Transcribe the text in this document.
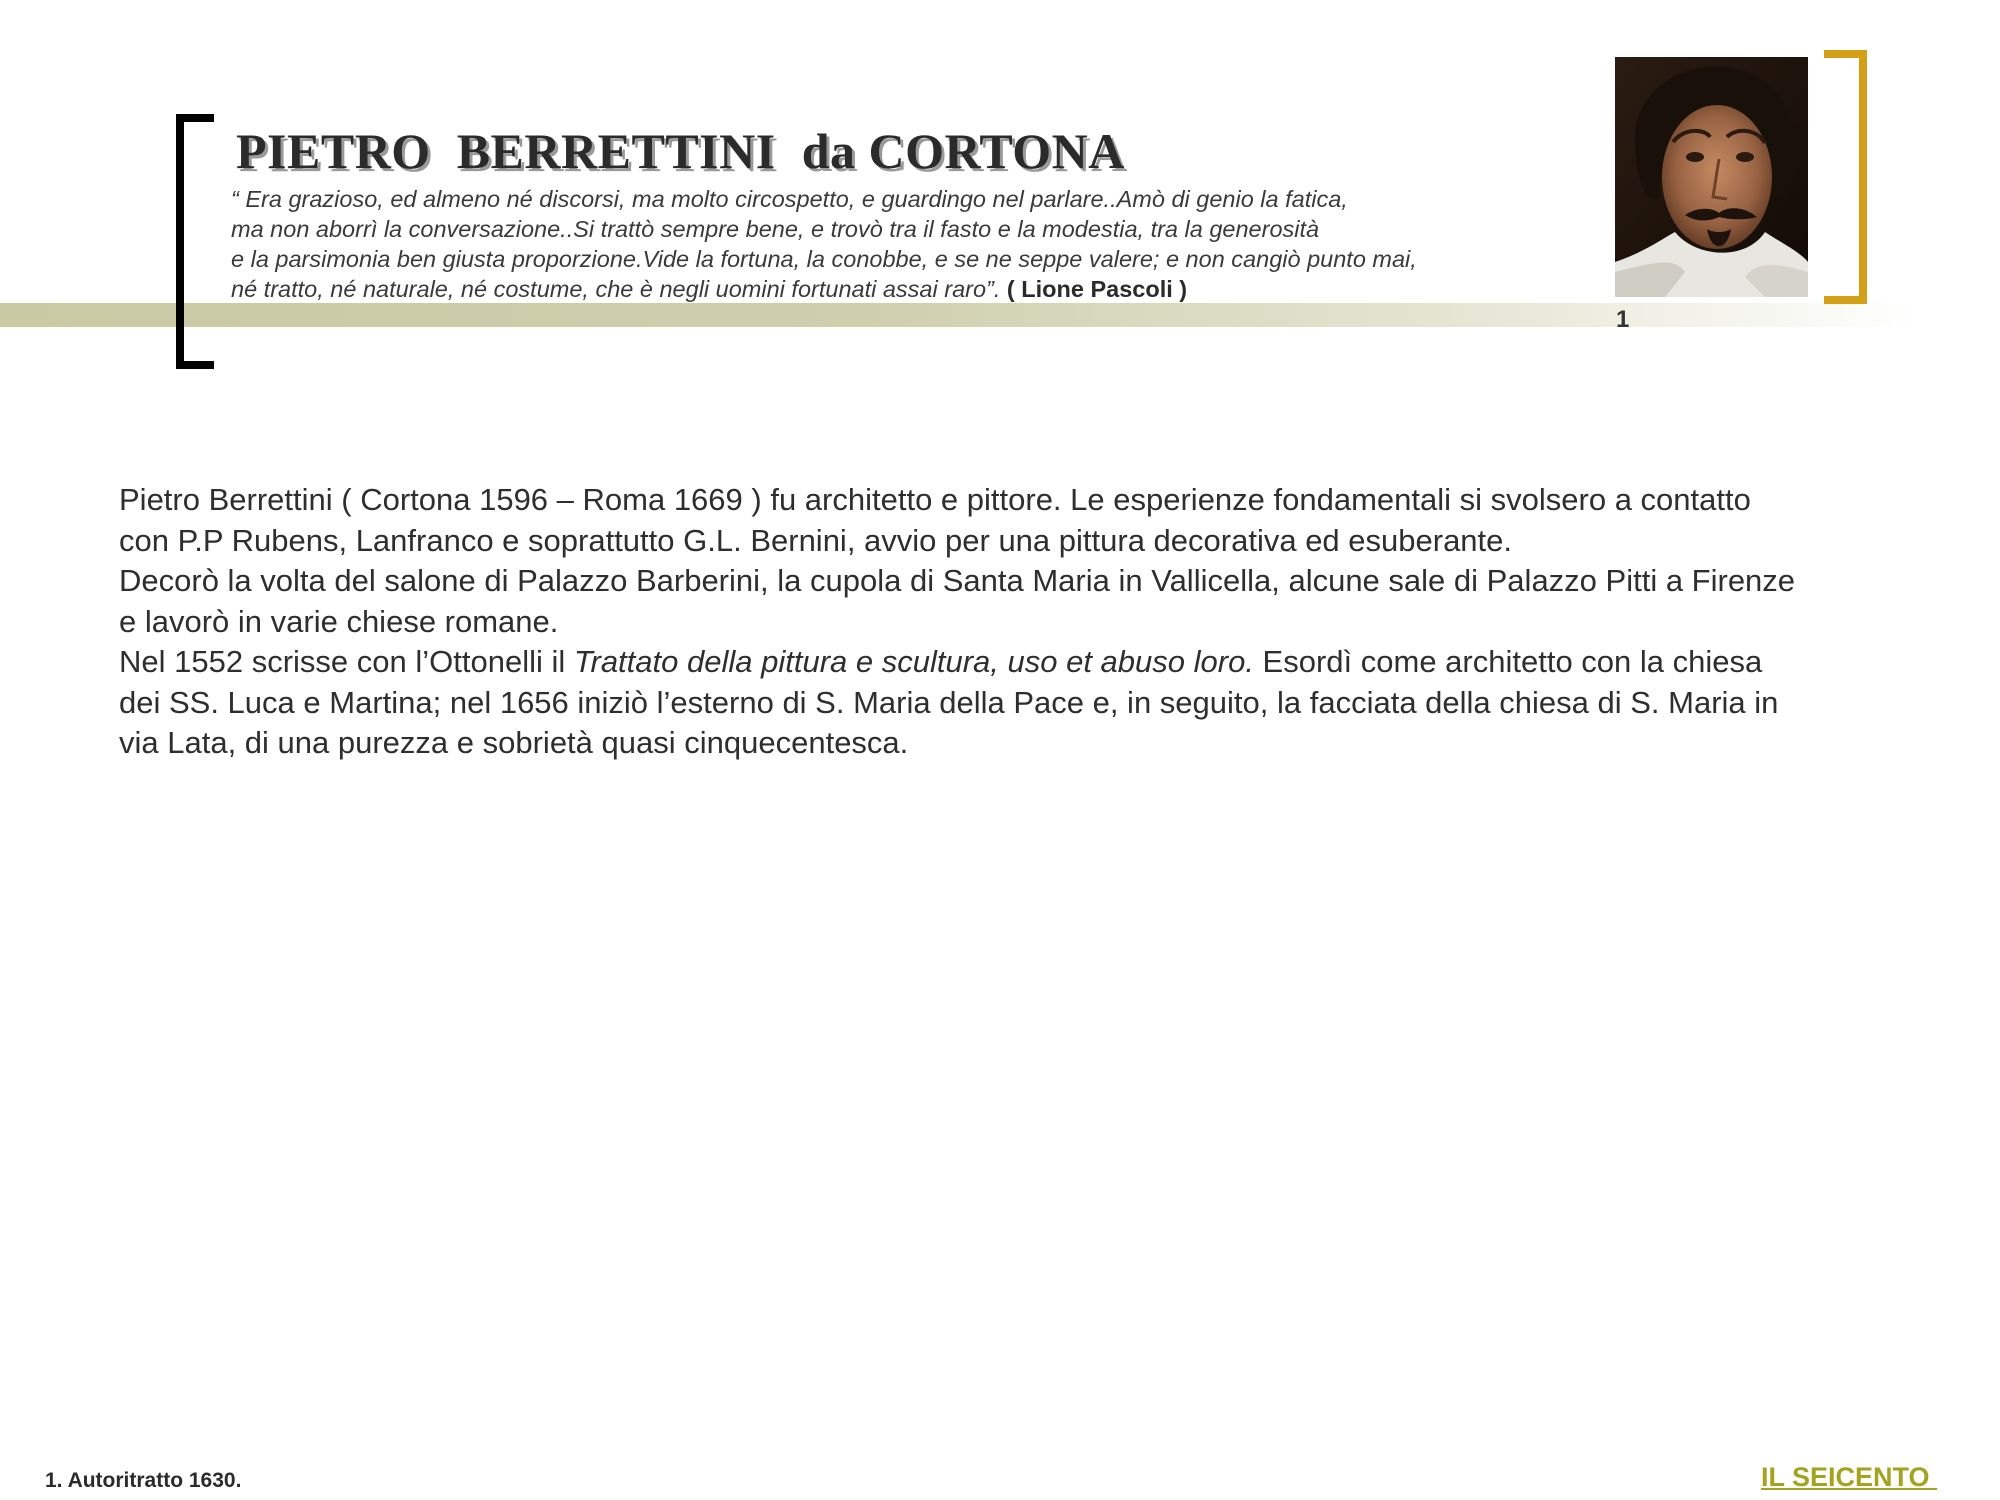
PIETRO  BERRETTINI  da CORTONA

“ Era grazioso, ed almeno né discorsi, ma molto circospetto, e guardingo nel parlare..Amò di genio la fatica,
ma non aborrì la conversazione..Si trattò sempre bene, e trovò tra il fasto e la modestia, tra la generosità
e la parsimonia ben giusta proporzione.Vide la fortuna, la conobbe, e se ne seppe valere; e non cangiò punto mai,
né tratto, né naturale, né costume, che è negli uomini fortunati assai raro”. ( Lione Pascoli )

1
Pietro Berrettini ( Cortona 1596 – Roma 1669 ) fu architetto e pittore. Le esperienze fondamentali si svolsero a contatto
con P.P Rubens, Lanfranco e soprattutto G.L. Bernini, avvio per una pittura decorativa ed esuberante.
Decorò la volta del salone di Palazzo Barberini, la cupola di Santa Maria in Vallicella, alcune sale di Palazzo Pitti a Firenze
e lavorò in varie chiese romane.
Nel 1552 scrisse con l’Ottonelli il Trattato della pittura e scultura, uso et abuso loro. Esordì come architetto con la chiesa
dei SS. Luca e Martina; nel 1656 iniziò l’esterno di S. Maria della Pace e, in seguito, la facciata della chiesa di S. Maria in
via Lata, di una purezza e sobrietà quasi cinquecentesca.
1. Autoritratto 1630.	IL SEICENTO
